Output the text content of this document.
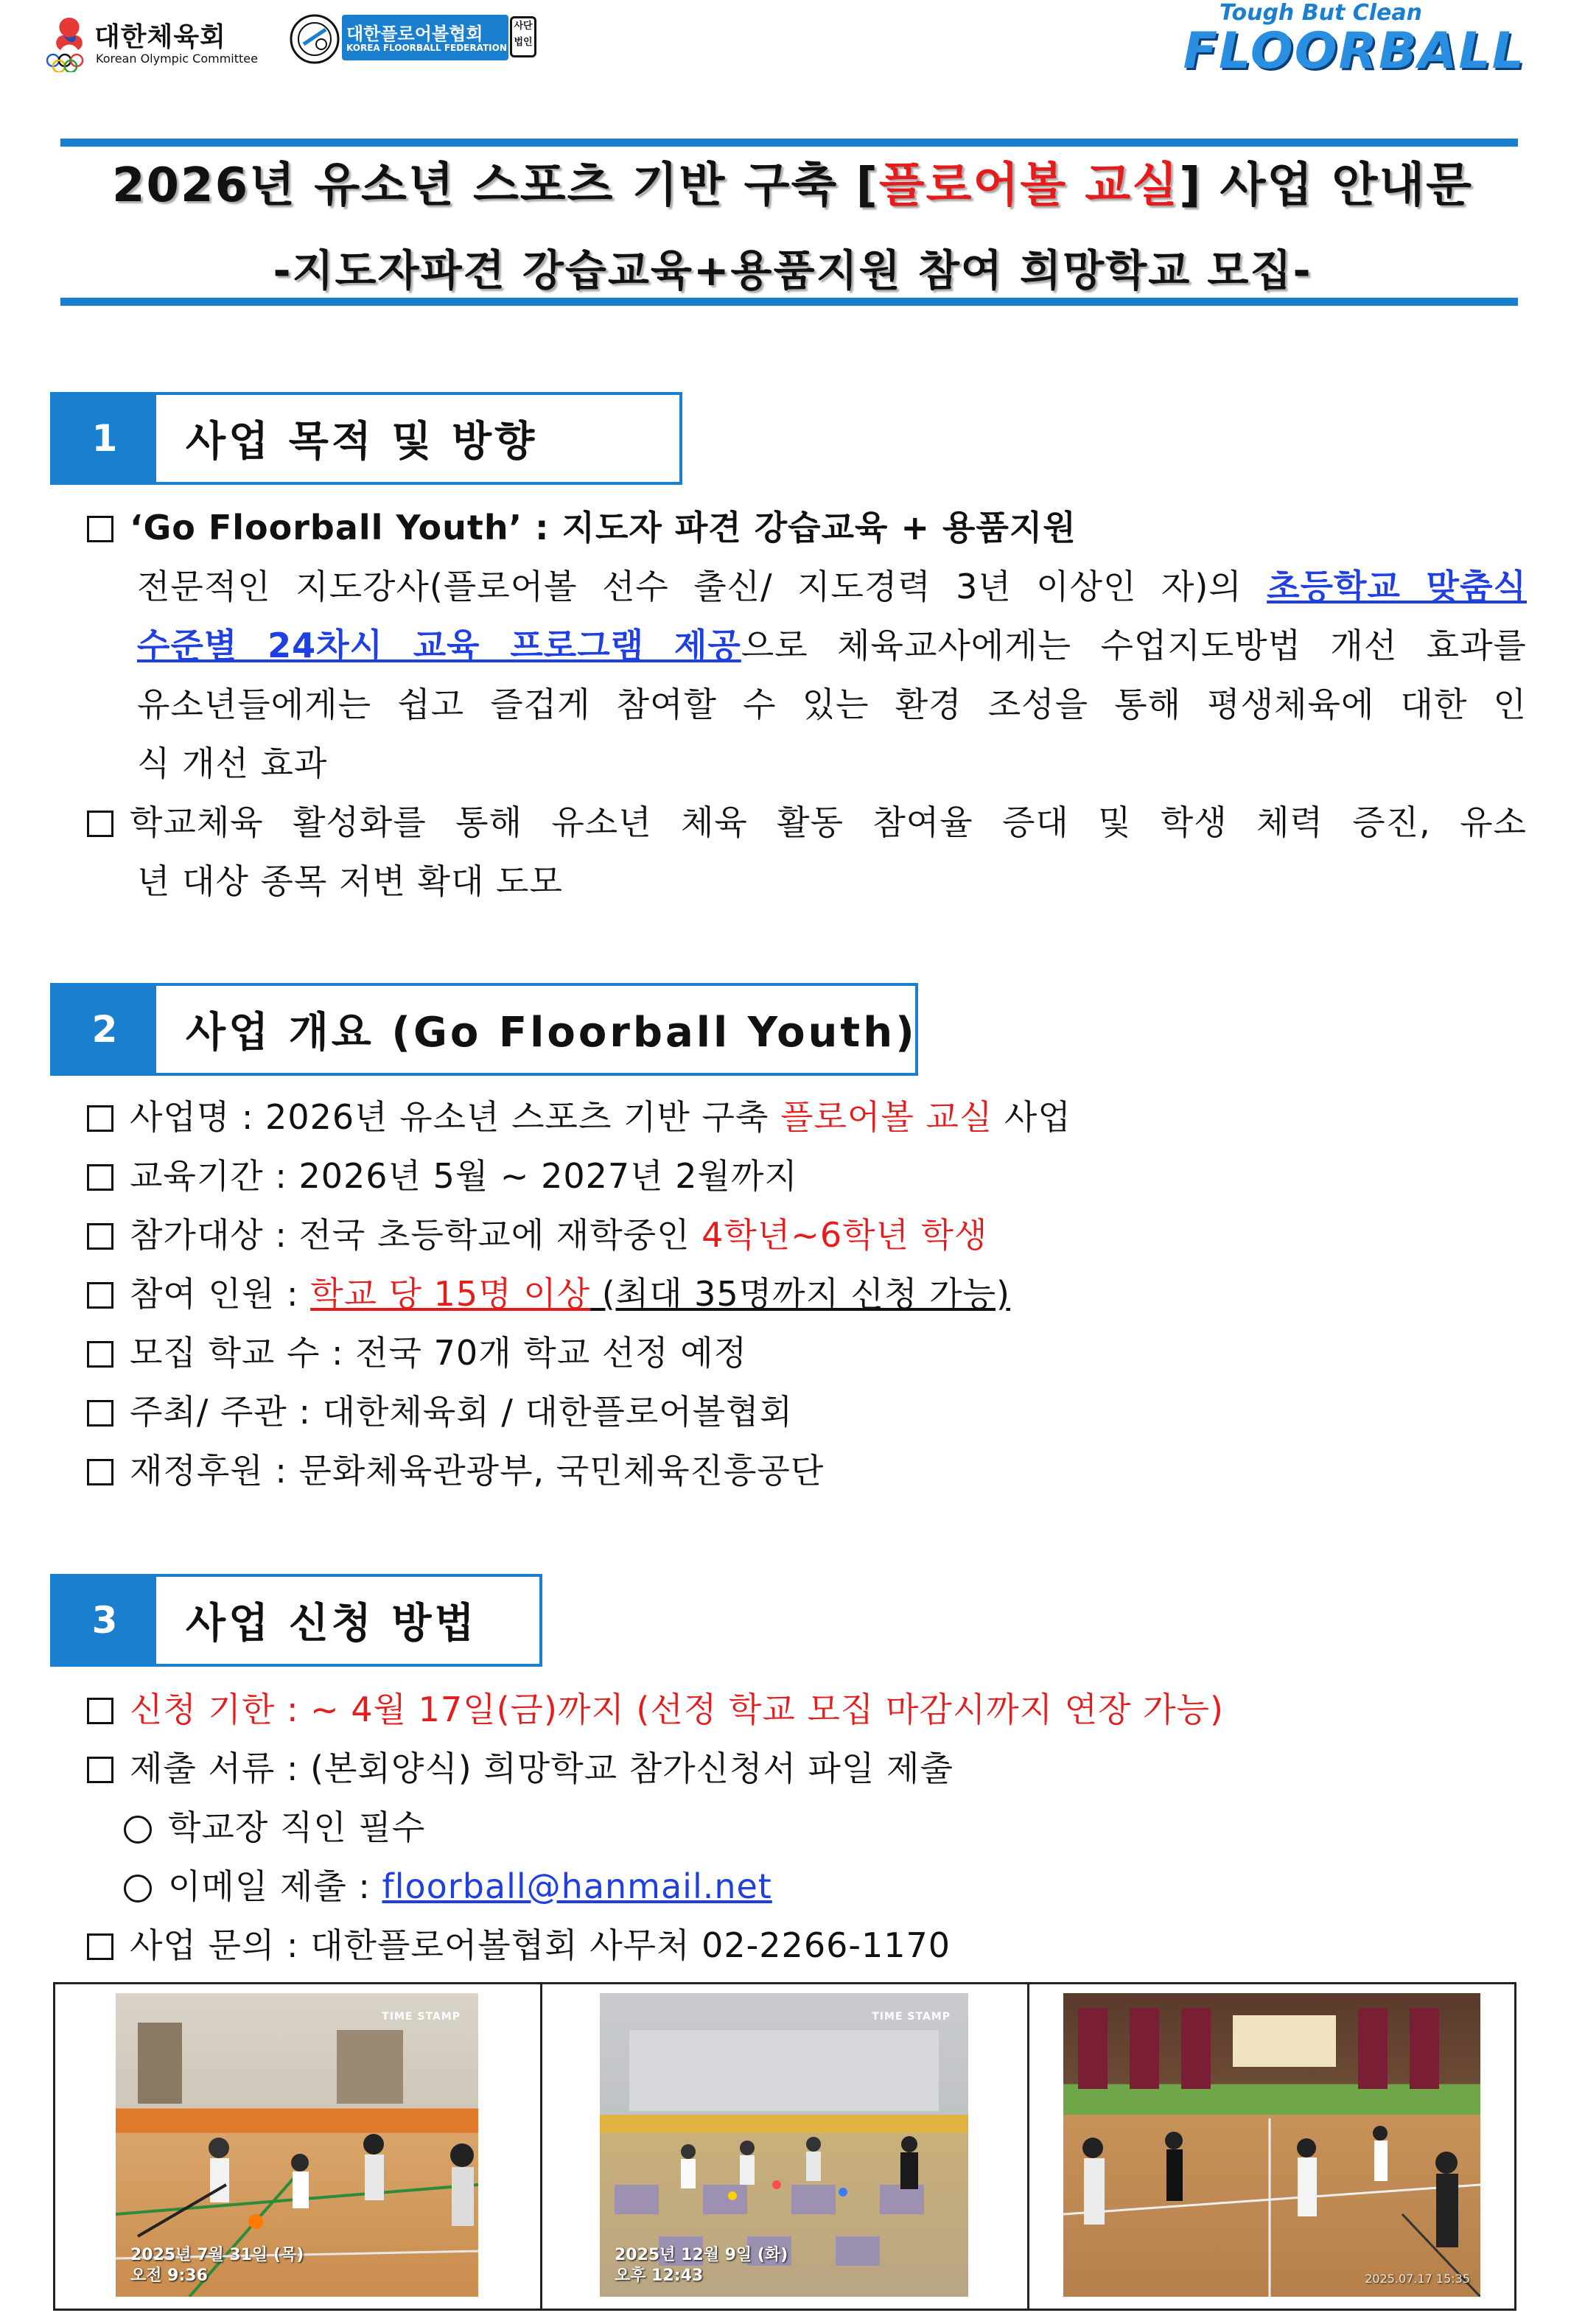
대한체육회
Korean Olympic Committee
대한플로어볼협회
KOREA FLOORBALL FEDERATION
사단법인
Tough But Clean
FLOORBALL
2026년 유소년 스포츠 기반 구축 [플로어볼 교실] 사업 안내문
-지도자파견 강습교육+용품지원 참여 희망학교 모집-
1	사업 목적 및 방향
‘Go Floorball Youth’ : 지도자 파견 강습교육 + 용품지원
전문적인 지도강사(플로어볼 선수 출신/ 지도경력 3년 이상인 자)의 초등학교 맞춤식
수준별 24차시 교육 프로그램 제공으로 체육교사에게는 수업지도방법 개선 효과를
유소년들에게는 쉽고 즐겁게 참여할 수 있는 환경 조성을 통해 평생체육에 대한 인
식 개선 효과
학교체육 활성화를 통해 유소년 체육 활동 참여율 증대 및 학생 체력 증진, 유소
년 대상 종목 저변 확대 도모
2	사업 개요 (Go Floorball Youth)
사업명 : 2026년 유소년 스포츠 기반 구축 플로어볼 교실 사업
교육기간 : 2026년 5월 ~ 2027년 2월까지
참가대상 : 전국 초등학교에 재학중인 4학년~6학년 학생
참여 인원 : 학교 당 15명 이상 (최대 35명까지 신청 가능)
모집 학교 수 : 전국 70개 학교 선정 예정
주최/ 주관 : 대한체육회 / 대한플로어볼협회
재정후원 : 문화체육관광부, 국민체육진흥공단
3	사업 신청 방법
신청 기한 : ~ 4월 17일(금)까지 (선정 학교 모집 마감시까지 연장 가능)
제출 서류 : (본회양식) 희망학교 참가신청서 파일 제출
학교장 직인 필수
이메일 제출 : floorball@hanmail.net
사업 문의 : 대한플로어볼협회 사무처 02-2266-1170
TIME STAMP
2025년 7월 31일 (목)
오전 9:36
TIME STAMP
2025년 12월 9일 (화)
오후 12:43	2025.07.17 15:35
